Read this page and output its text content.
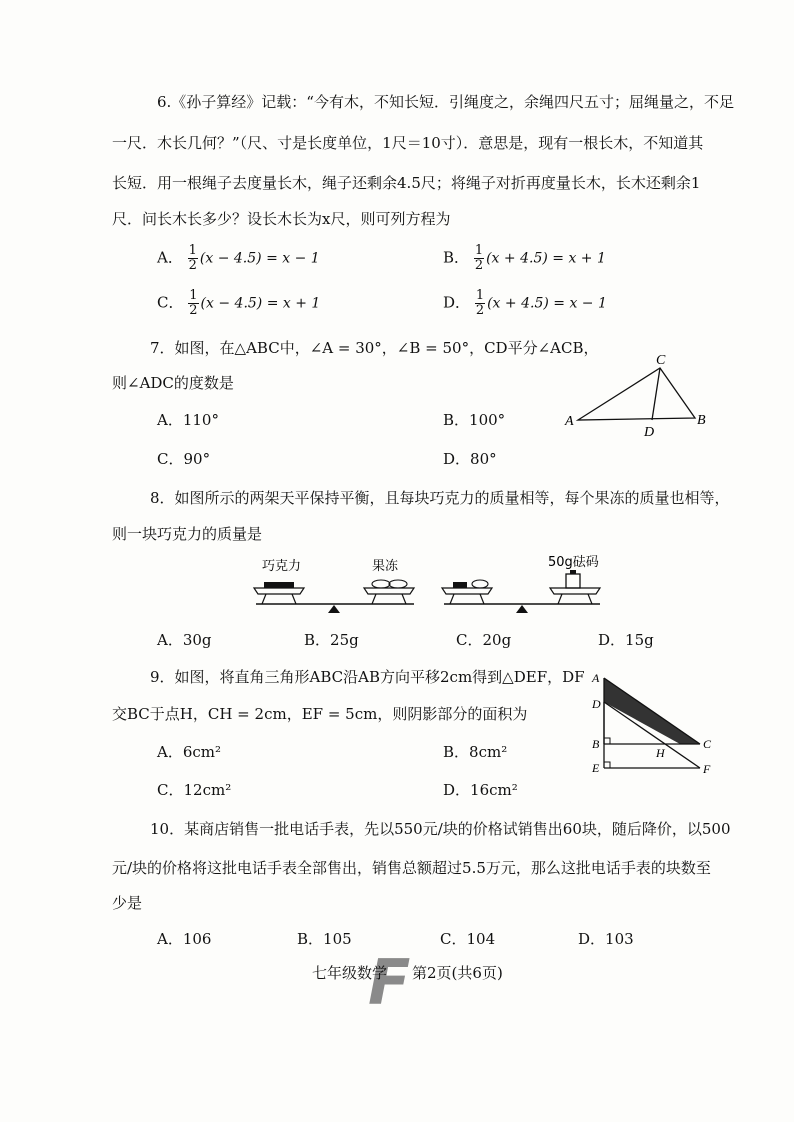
6.《孙子算经》记载：“今有木，不知长短．引绳度之，余绳四尺五寸；屈绳量之，不足
一尺．木长几何？”（尺、寸是长度单位，1尺＝10寸）．意思是，现有一根长木，不知道其
长短．用一根绳子去度量长木，绳子还剩余4.5尺；将绳子对折再度量长木，长木还剩余1
尺．问长木长多少？设长木长为x尺，则可列方程为
A． $\frac{1}{2} (x - 4.5) = x - 1$	B． $\frac{1}{2} (x + 4.5) = x + 1$
C． $\frac{1}{2} (x - 4.5) = x + 1$	D． $\frac{1}{2} (x + 4.5) = x - 1$
7．如图，在△ABC中，∠A = 30°，∠B = 50°，CD平分∠ACB，
则∠ADC的度数是
A．110°	B．100°
C．90°	D．80°
A
C
B
D
8．如图所示的两架天平保持平衡，且每块巧克力的质量相等，每个果冻的质量也相等，
则一块巧克力的质量是
巧克力	果冻	50g砝码
A．30g	B．25g	C．20g	D．15g
9．如图，将直角三角形ABC沿AB方向平移2cm得到△DEF，DF
交BC于点H，CH = 2cm，EF = 5cm，则阴影部分的面积为
A．6cm²	B．8cm²
C．12cm²	D．16cm²
A
D
B
E
H
C
F
10．某商店销售一批电话手表，先以550元/块的价格试销售出60块，随后降价，以500
元/块的价格将这批电话手表全部售出，销售总额超过5.5万元，那么这批电话手表的块数至
少是
A．106	B．105	C．104	D．103
F
七年级数学 第2页(共6页)
